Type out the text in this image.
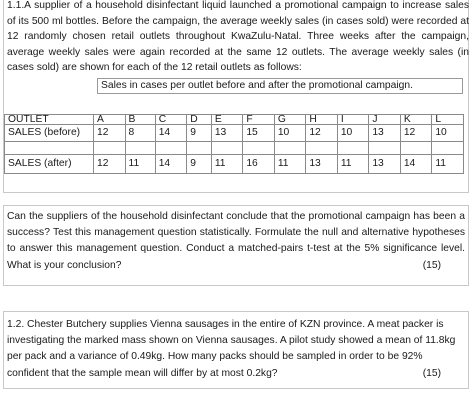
1.1.A supplier of a household disinfectant liquid launched a promotional campaign to increase sales of its 500 ml bottles. Before the campaign, the average weekly sales (in cases sold) were recorded at 12 randomly chosen retail outlets throughout KwaZulu-Natal. Three weeks after the campaign, average weekly sales were again recorded at the same 12 outlets. The average weekly sales (in cases sold) are shown for each of the 12 retail outlets as follows:

Sales in cases per outlet before and after the promotional campaign.
OUTLET	A	B	C	D	E	F	G	H	I	J	K	L
SALES (before)	12	8	14	9	13	15	10	12	10	13	12	10

SALES (after)	12	11	14	9	11	16	11	13	11	13	14	11

Can the suppliers of the household disinfectant conclude that the promotional campaign has been a success? Test this management question statistically. Formulate the null and alternative hypotheses to answer this management question. Conduct a matched-pairs t-test at the 5% significance level. What is your conclusion?	(15)

1.2. Chester Butchery supplies Vienna sausages in the entire of KZN province. A meat packer is investigating the marked mass shown on Vienna sausages. A pilot study showed a mean of 11.8kg per pack and a variance of 0.49kg. How many packs should be sampled in order to be 92% confident that the sample mean will differ by at most 0.2kg?	(15)
